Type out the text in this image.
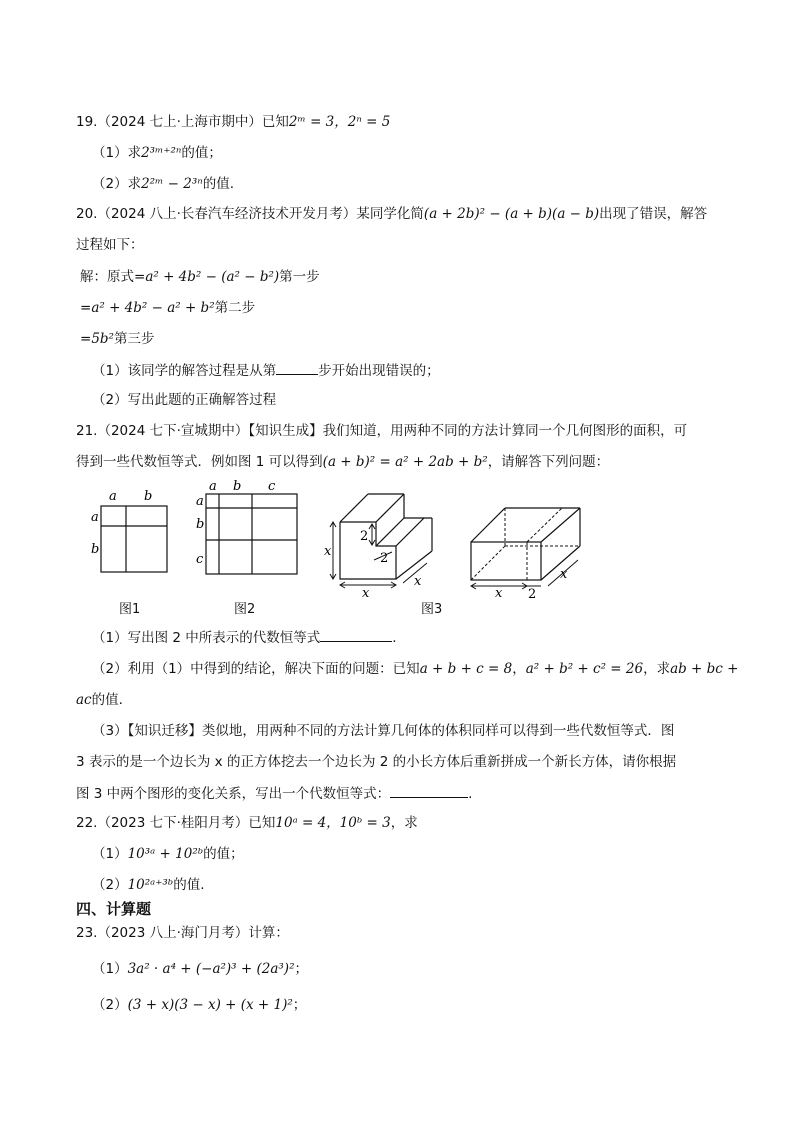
19.（2024 七上·上海市期中）已知2ᵐ = 3，2ⁿ = 5
（1）求2³ᵐ⁺²ⁿ的值；
（2）求2²ᵐ − 2³ⁿ的值.
20.（2024 八上·长春汽车经济技术开发月考）某同学化简(a + 2b)² − (a + b)(a − b)出现了错误，解答
过程如下：
解：原式=a² + 4b² − (a² − b²)第一步
=a² + 4b² − a² + b²第二步
=5b²第三步
（1）该同学的解答过程是从第	步开始出现错误的；
（2）写出此题的正确解答过程
21.（2024 七下·宣城期中）【知识生成】我们知道，用两种不同的方法计算同一个几何图形的面积，可
得到一些代数恒等式．例如图 1 可以得到(a + b)² = a² + 2ab + b²，请解答下列问题：
a b
a
b
a b c
a
b
c
x
x
2
2
x
x 2
x
图1	图2	图3
（1）写出图 2 中所表示的代数恒等式	.
（2）利用（1）中得到的结论，解决下面的问题：已知a + b + c = 8，a² + b² + c² = 26，求ab + bc +
ac的值.
（3）【知识迁移】类似地，用两种不同的方法计算几何体的体积同样可以得到一些代数恒等式．图
3 表示的是一个边长为 x 的正方体挖去一个边长为 2 的小长方体后重新拼成一个新长方体，请你根据
图 3 中两个图形的变化关系，写出一个代数恒等式：	.
22.（2023 七下·桂阳月考）已知10ᵃ = 4，10ᵇ = 3，求
（1）10³ᵃ + 10²ᵇ的值；
（2）10²ᵃ⁺³ᵇ的值.
四、计算题
23.（2023 八上·海门月考）计算：
（1）3a² · a⁴ + (−a²)³ + (2a³)²；
（2）(3 + x)(3 − x) + (x + 1)²；
